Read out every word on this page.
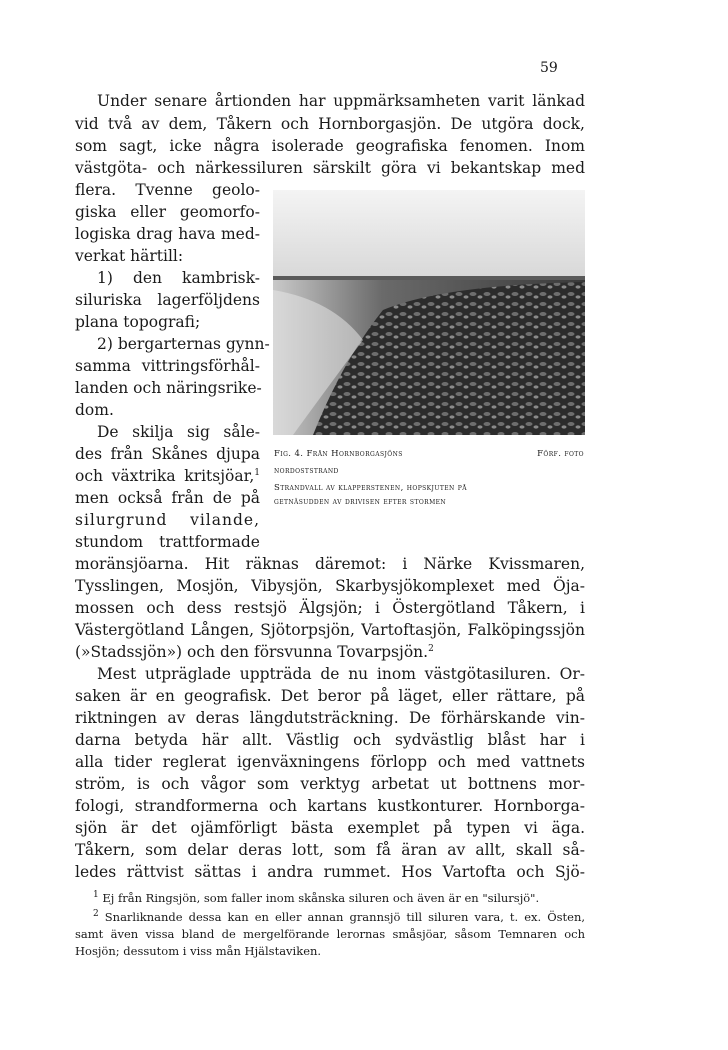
59
Under senare årtionden har uppmärksamheten varit länkad
vid två av dem, Tåkern och Hornborgasjön. De utgöra dock,
som sagt, icke några isolerade geografiska fenomen. Inom
västgöta- och närkessiluren särskilt göra vi bekantskap med
flera. Tvenne geolo-
giska eller geomorfo-
logiska drag hava med-
verkat härtill:
1) den kambrisk-
siluriska lagerföljdens
plana topografi;
2) bergarternas gynn-
samma vittringsförhål-
landen och näringsrike-
dom.
De skilja sig såle-
des från Skånes djupa
och växtrika kritsjöar,$^1$
men också från de på
silurgrund vilande,
stundom trattformade
Fig. 4. Från Hornborgasjöns	Förf. foto
nordoststrand
Strandvall av klapperstenen, hopskjuten på
getnäsudden av drivisen efter stormen
moränsjöarna. Hit räknas däremot: i Närke Kvissmaren,
Tysslingen, Mosjön, Vibysjön, Skarbysjökomplexet med Öja-
mossen och dess restsjö Älgsjön; i Östergötland Tåkern, i
Västergötland Lången, Sjötorpsjön, Vartoftasjön, Falköpingssjön
(»Stadssjön») och den försvunna Tovarpsjön.$^2$
Mest utpräglade uppträda de nu inom västgötasiluren. Or-
saken är en geografisk. Det beror på läget, eller rättare, på
riktningen av deras längdutsträckning. De förhärskande vin-
darna betyda här allt. Västlig och sydvästlig blåst har i
alla tider reglerat igenväxningens förlopp och med vattnets
ström, is och vågor som verktyg arbetat ut bottnens mor-
fologi, strandformerna och kartans kustkonturer. Hornborga-
sjön är det ojämförligt bästa exemplet på typen vi äga.
Tåkern, som delar deras lott, som få äran av allt, skall så-
ledes rättvist sättas i andra rummet. Hos Vartofta och Sjö-
$^1$ Ej från Ringsjön, som faller inom skånska siluren och även är en "silursjö".
$^2$ Snarliknande dessa kan en eller annan grannsjö till siluren vara, t. ex. Östen,
samt även vissa bland de mergelförande lerornas småsjöar, såsom Temnaren och
Hosjön; dessutom i viss mån Hjälstaviken.
